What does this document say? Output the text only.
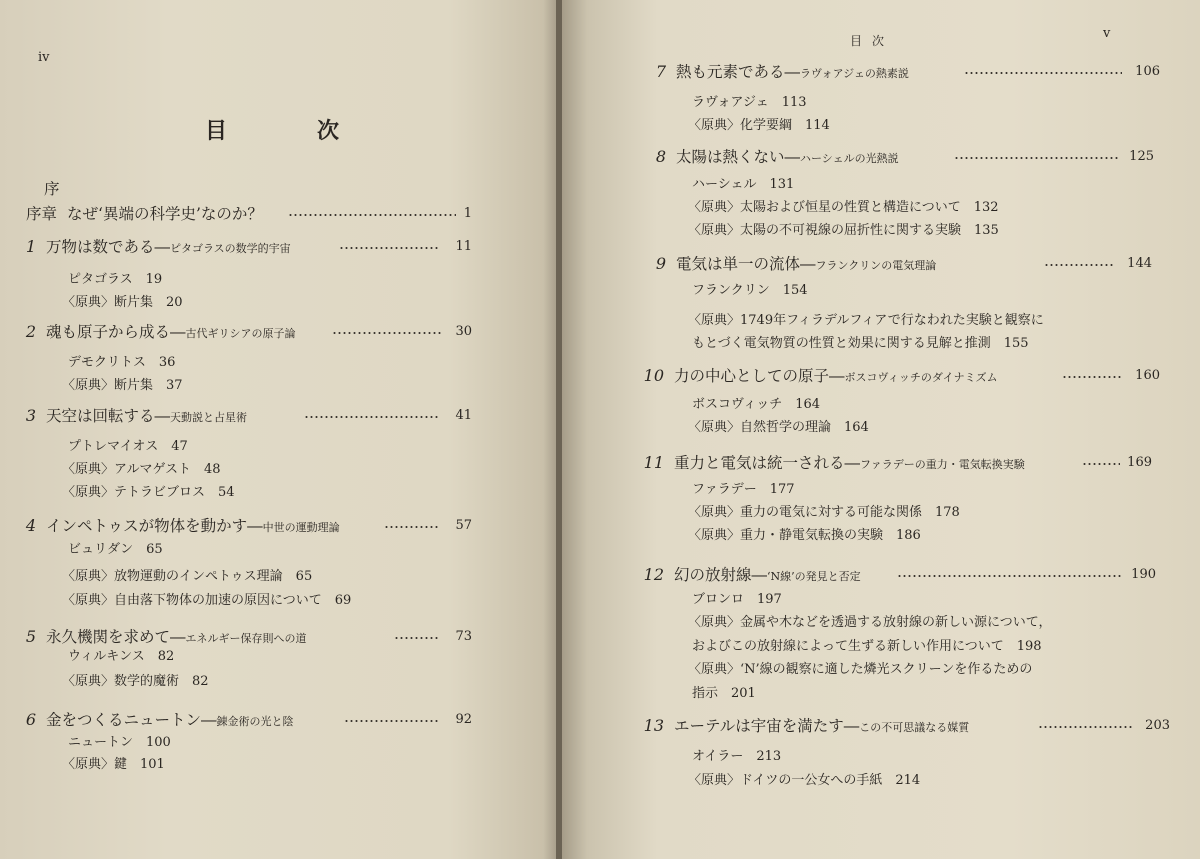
iv
目　次
序
序章 なぜ‘異端の科学史’なのか？	1
1 万物は数である―ピタゴラスの数学的宇宙	11
ピタゴラス　19
〈原典〉断片集　20
2 魂も原子から成る―古代ギリシアの原子論	30
デモクリトス　36
〈原典〉断片集　37
3 天空は回転する―天動説と占星術	41
プトレマイオス　47
〈原典〉アルマゲスト　48
〈原典〉テトラビブロス　54
4 インペトゥスが物体を動かす―中世の運動理論	57
ビュリダン　65
〈原典〉放物運動のインペトゥス理論　65
〈原典〉自由落下物体の加速の原因について　69
5 永久機関を求めて―エネルギー保存則への道	73
ウィルキンス　82
〈原典〉数学的魔術　82
6 金をつくるニュートン―錬金術の光と陰	92
ニュートン　100
〈原典〉鍵　101
目次	v
7 熱も元素である―ラヴォアジェの熱素説	106
ラヴォアジェ　113
〈原典〉化学要綱　114
8 太陽は熱くない―ハーシェルの光熱説	125
ハーシェル　131
〈原典〉太陽および恒星の性質と構造について　132
〈原典〉太陽の不可視線の屈折性に関する実験　135
9 電気は単一の流体―フランクリンの電気理論	144
フランクリン　154
〈原典〉1749年フィラデルフィアで行なわれた実験と観察に
もとづく電気物質の性質と効果に関する見解と推測　155
10 力の中心としての原子―ボスコヴィッチのダイナミズム	160
ボスコヴィッチ　164
〈原典〉自然哲学の理論　164
11 重力と電気は統一される―ファラデーの重力・電気転換実験	169
ファラデー　177
〈原典〉重力の電気に対する可能な関係　178
〈原典〉重力・静電気転換の実験　186
12 幻の放射線―‘N線’の発見と否定	190
ブロンロ　197
〈原典〉金属や木などを透過する放射線の新しい源について，
およびこの放射線によって生ずる新しい作用について　198
〈原典〉‘N’線の観察に適した燐光スクリーンを作るための
指示　201
13 エーテルは宇宙を満たす―この不可思議なる媒質	203
オイラー　213
〈原典〉ドイツの一公女への手紙　214
